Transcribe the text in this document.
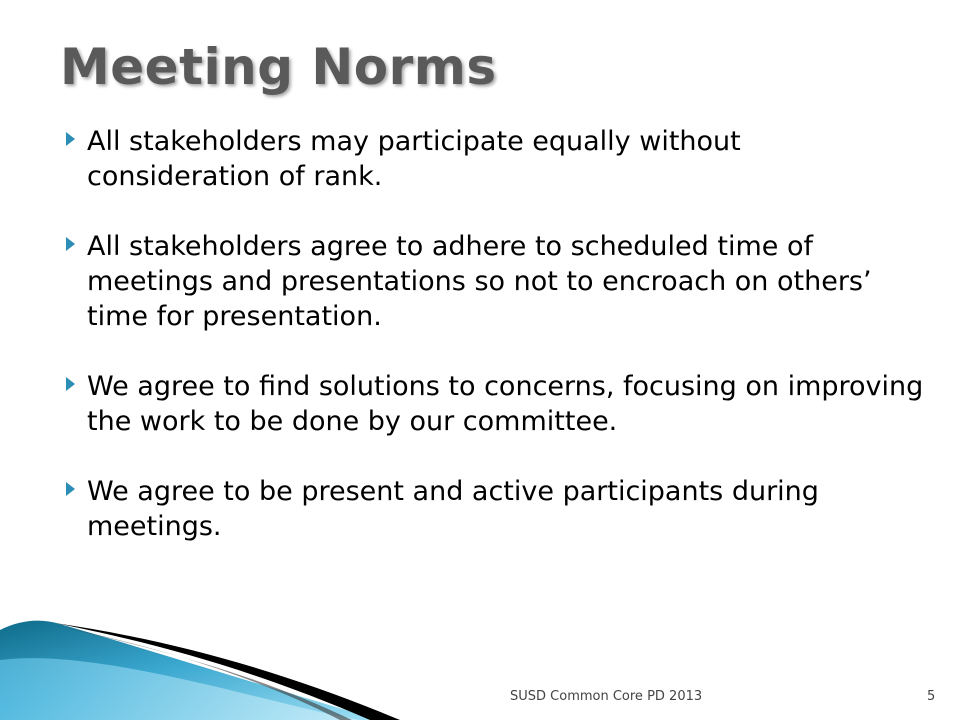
Meeting Norms
All stakeholders may participate equally without consideration of rank.
All stakeholders agree to adhere to scheduled time of meetings and presentations so not to encroach on others’ time for presentation.
We agree to find solutions to concerns, focusing on improving the work to be done by our committee.
We agree to be present and active participants during meetings.
SUSD Common Core PD 2013	5
